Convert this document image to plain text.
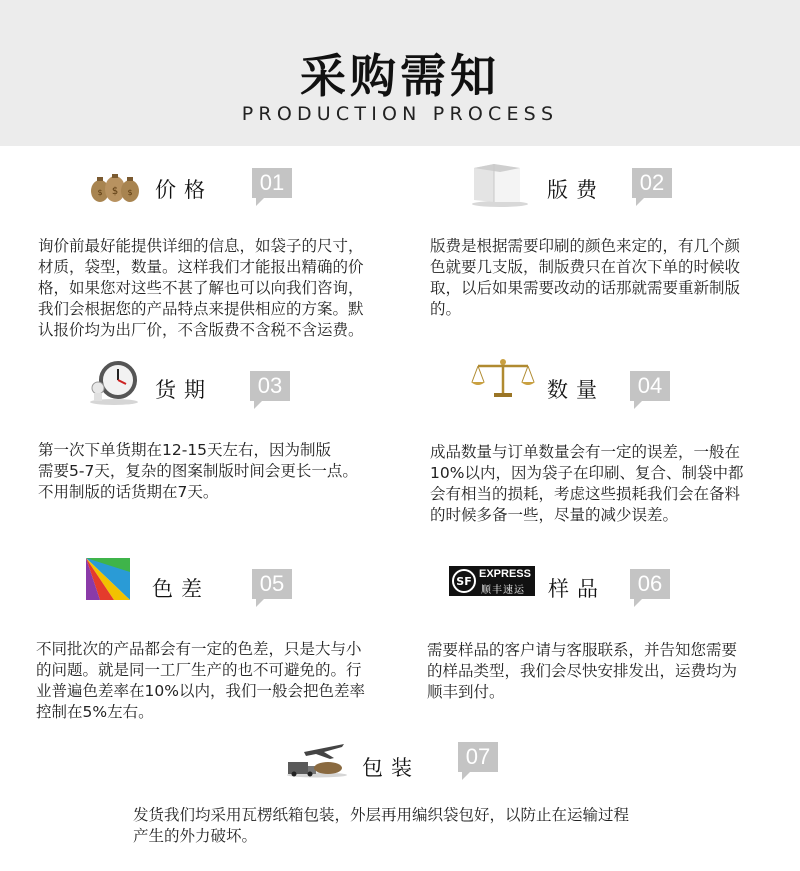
采购需知
PRODUCTION PROCESS
$
$	$ 价格	01
询价前最好能提供详细的信息，如袋子的尺寸，
材质，袋型，数量。这样我们才能报出精确的价
格，如果您对这些不甚了解也可以向我们咨询，
我们会根据您的产品特点来提供相应的方案。默
认报价均为出厂价，不含版费不含税不含运费。
版费	02
版费是根据需要印刷的颜色来定的，有几个颜
色就要几支版，制版费只在首次下单的时候收
取，以后如果需要改动的话那就需要重新制版
的。
货期	03
第一次下单货期在12-15天左右，因为制版
需要5-7天，复杂的图案制版时间会更长一点。
不用制版的话货期在7天。
数量	04
成品数量与订单数量会有一定的误差，一般在
10%以内，因为袋子在印刷、复合、制袋中都
会有相当的损耗，考虑这些损耗我们会在备料
的时候多备一些，尽量的减少误差。
色差	05
不同批次的产品都会有一定的色差，只是大与小
的问题。就是同一工厂生产的也不可避免的。行
业普遍色差率在10%以内，我们一般会把色差率
控制在5%左右。
SF
EXPRESS
顺丰速运 样品	06
需要样品的客户请与客服联系，并告知您需要
的样品类型，我们会尽快安排发出，运费均为
顺丰到付。
包装	07
发货我们均采用瓦楞纸箱包装，外层再用编织袋包好，以防止在运输过程
产生的外力破坏。
